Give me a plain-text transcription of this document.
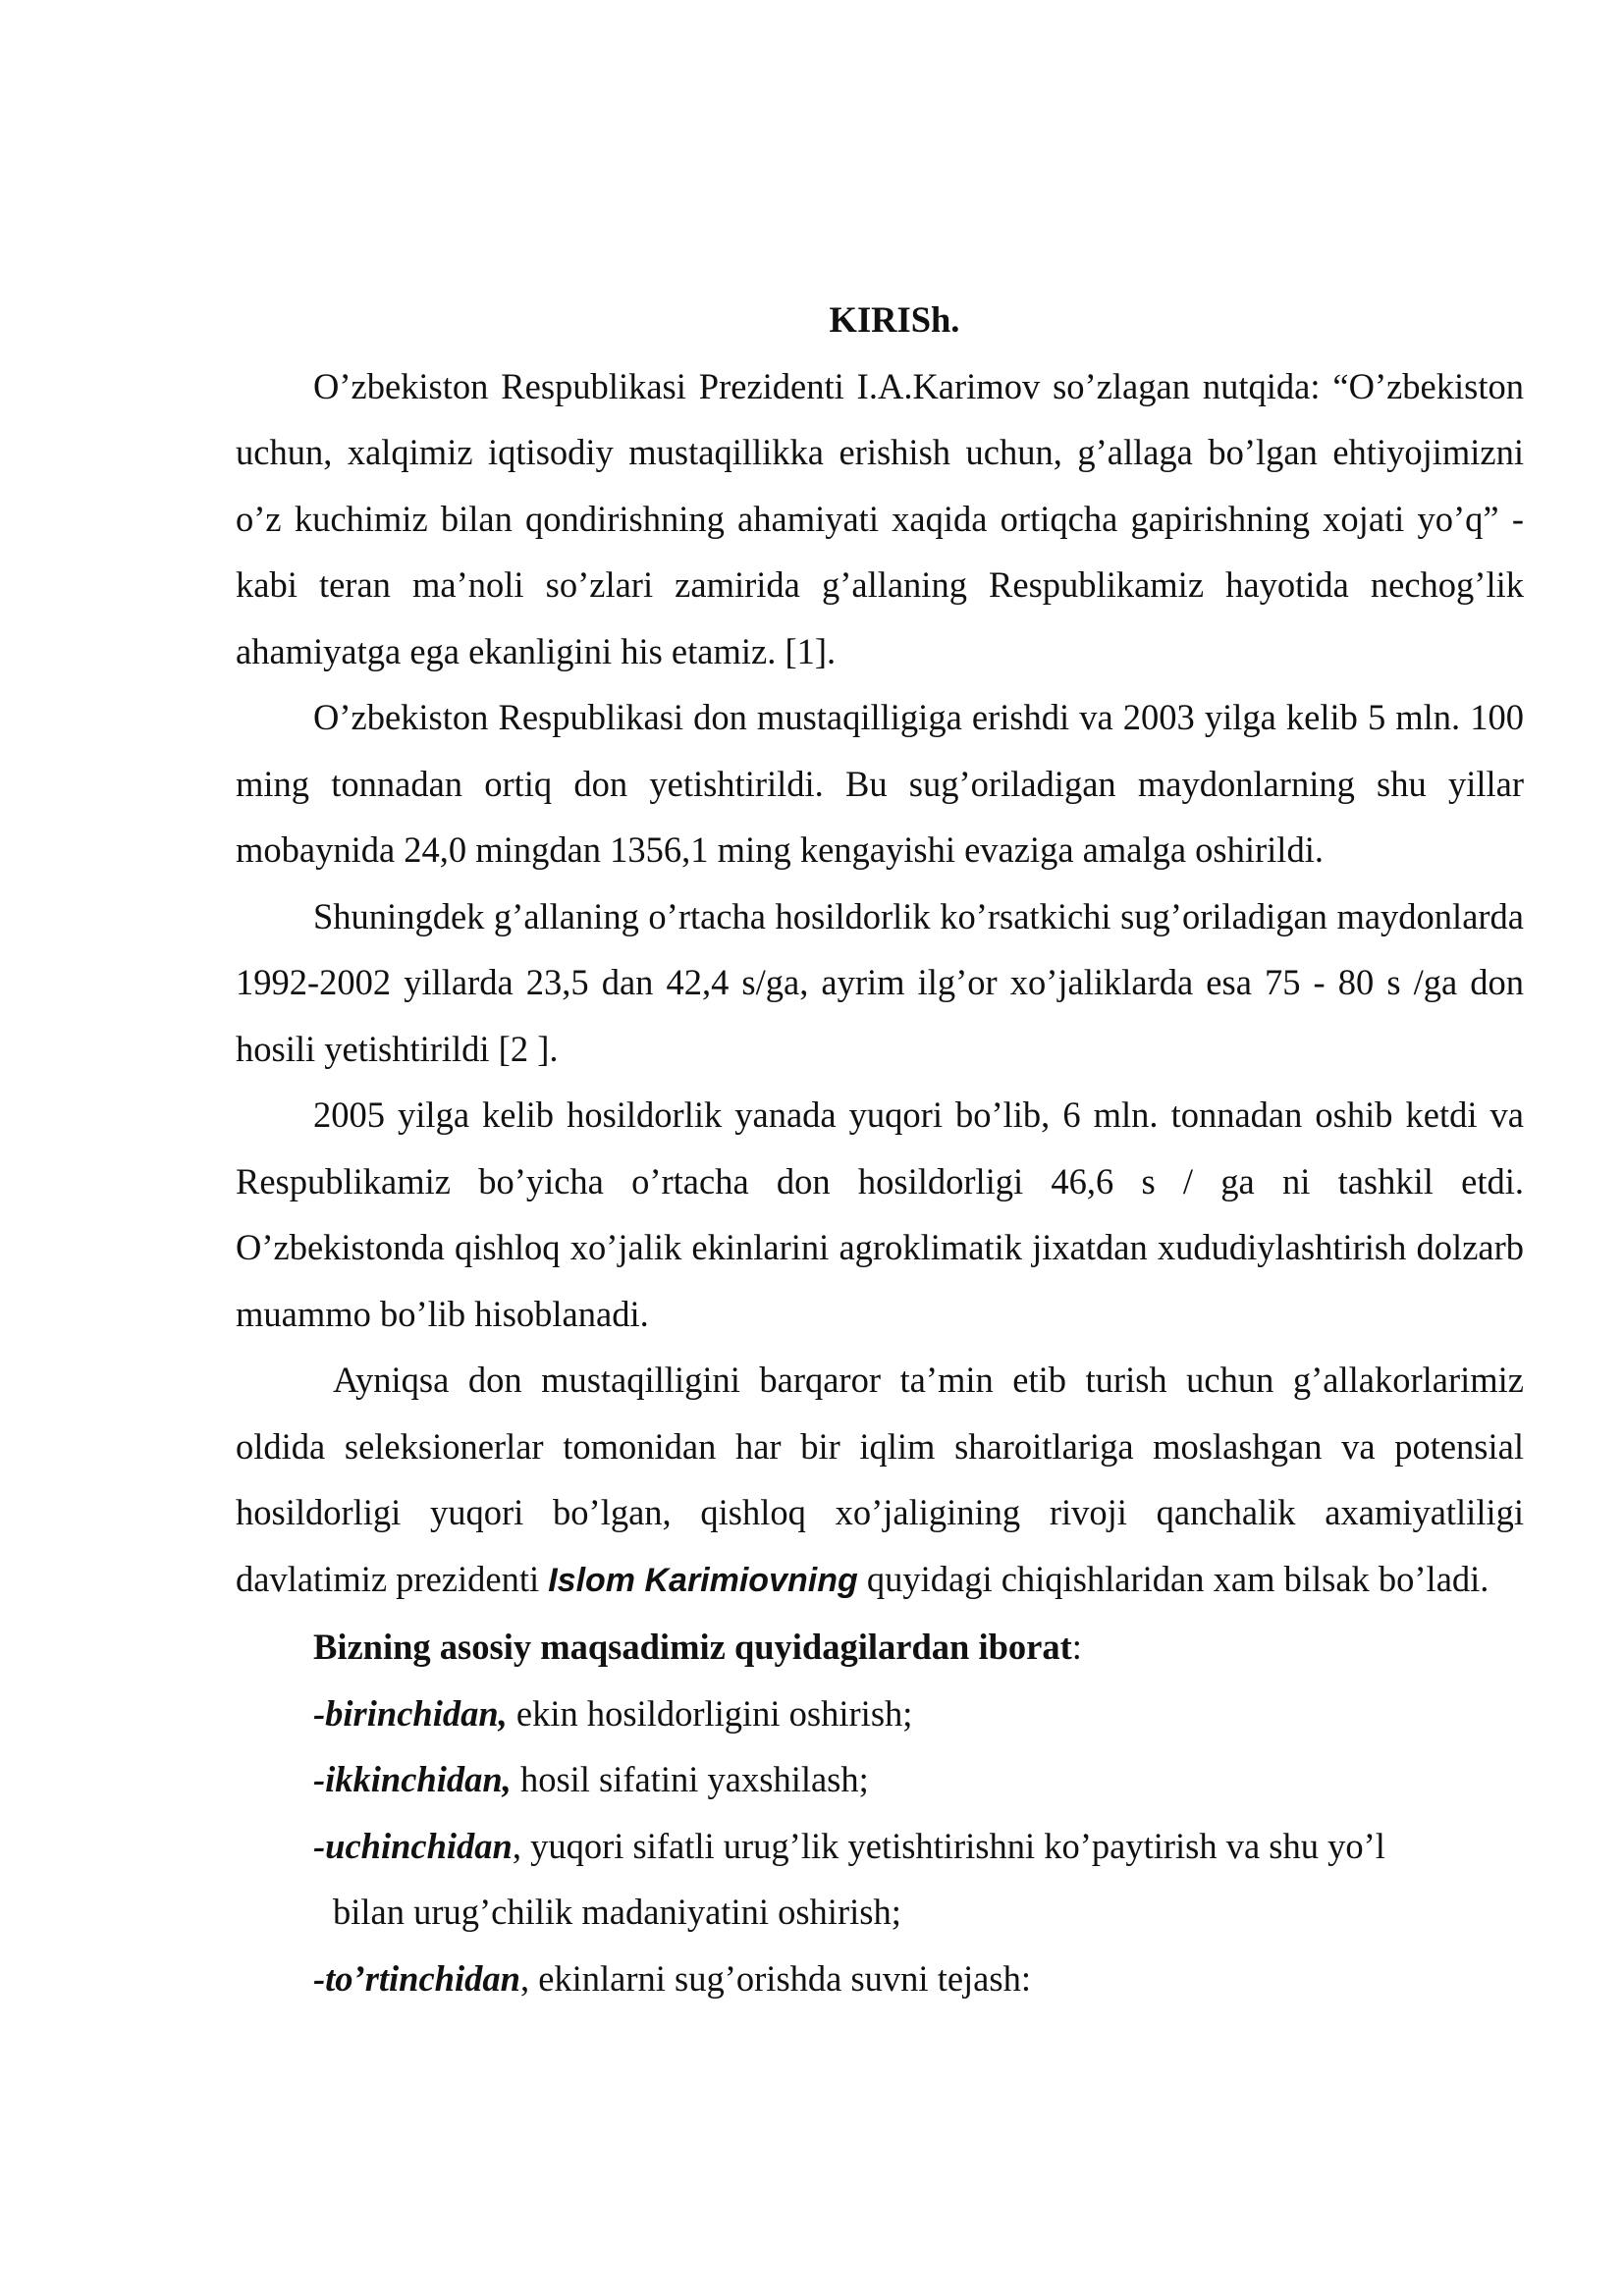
KIRISh.

O’zbekiston Respublikasi Prezidenti I.A.Karimov so’zlagan nutqida: “O’zbekiston uchun, xalqimiz iqtisodiy mustaqillikka erishish uchun, g’allaga bo’lgan ehtiyojimizni o’z kuchimiz bilan qondirishning ahamiyati xaqida ortiqcha gapirishning xojati yo’q” - kabi teran ma’noli so’zlari zamirida g’allaning Respublikamiz hayotida nechog’lik ahamiyatga ega ekanligini his etamiz. [1].

O’zbekiston Respublikasi don mustaqilligiga erishdi va 2003 yilga kelib 5 mln. 100 ming tonnadan ortiq don yetishtirildi. Bu sug’oriladigan maydonlarning shu yillar mobaynida 24,0 mingdan 1356,1 ming kengayishi evaziga amalga oshirildi.

Shuningdek g’allaning o’rtacha hosildorlik ko’rsatkichi sug’oriladigan maydonlarda 1992-2002 yillarda 23,5 dan 42,4 s/ga, ayrim ilg’or xo’jaliklarda esa 75 - 80 s /ga don hosili yetishtirildi [2 ].

2005 yilga kelib hosildorlik yanada yuqori bo’lib, 6 mln. tonnadan oshib ketdi va Respublikamiz bo’yicha o’rtacha don hosildorligi 46,6 s / ga ni tashkil etdi. O’zbekistonda qishloq xo’jalik ekinlarini agroklimatik jixatdan xududiylashtirish dolzarb muammo bo’lib hisoblanadi.

Ayniqsa don mustaqilligini barqaror ta’min etib turish uchun g’allakorlarimiz oldida seleksionerlar tomonidan har bir iqlim sharoitlariga moslashgan va potensial hosildorligi yuqori bo’lgan, qishloq xo’jaligining rivoji qanchalik axamiyatliligi davlatimiz prezidenti Islom Karimiovning quyidagi chiqishlaridan xam bilsak bo’ladi.

Bizning asosiy maqsadimiz quyidagilardan iborat:

-birinchidan, ekin hosildorligini oshirish;

-ikkinchidan, hosil sifatini yaxshilash;

-uchinchidan, yuqori sifatli urug’lik yetishtirishni ko’paytirish va shu yo’l
bilan urug’chilik madaniyatini oshirish;

-to’rtinchidan, ekinlarni sug’orishda suvni tejash:
